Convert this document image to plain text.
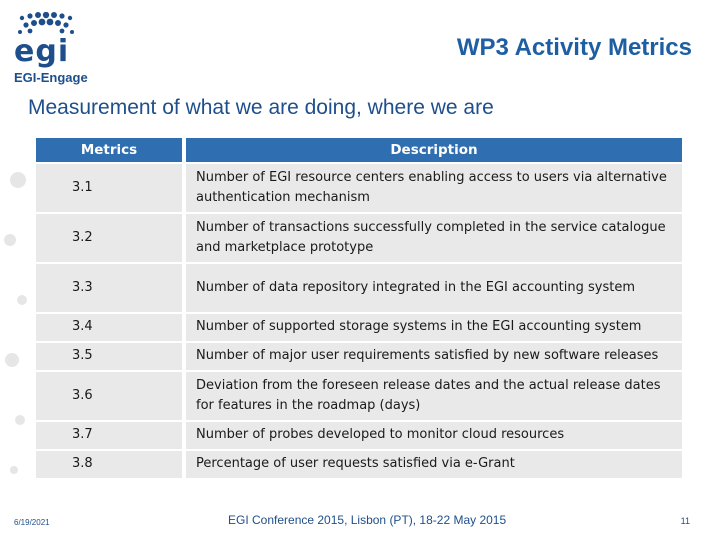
egi
EGI-Engage
WP3 Activity Metrics
Measurement of what we are doing, where we are
Metrics	Description
3.1	Number of EGI resource centers enabling access to users via alternative authentication mechanism
3.2	Number of transactions successfully completed in the service catalogue and marketplace prototype
3.3	Number of data repository integrated in the EGI accounting system
3.4	Number of supported storage systems in the EGI accounting system
3.5	Number of major user requirements satisfied by new software releases
3.6	Deviation from the foreseen release dates and the actual release dates for features in the roadmap (days)
3.7	Number of probes developed to monitor cloud resources
3.8	Percentage of user requests satisfied via e-Grant
6/19/2021	EGI Conference 2015, Lisbon (PT), 18-22 May 2015	11
